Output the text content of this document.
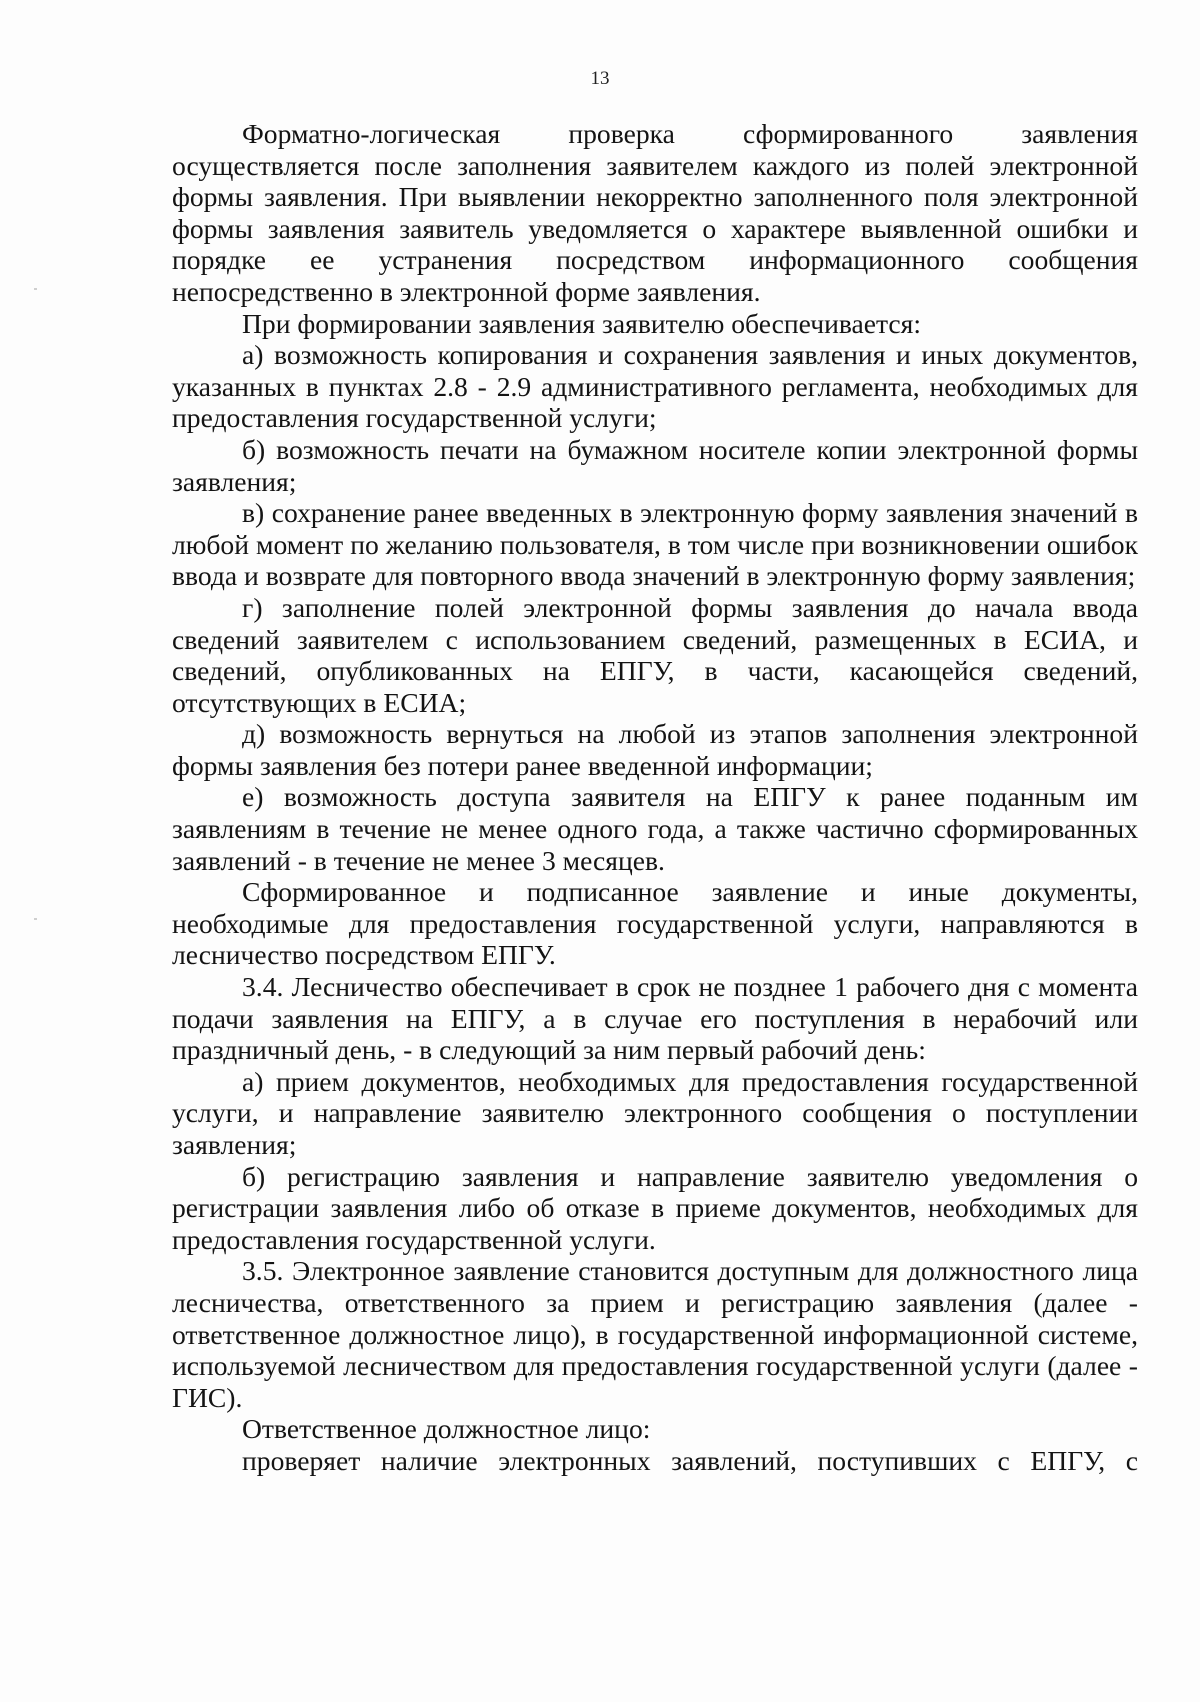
13

Форматно-логическая проверка сформированного заявления осуществляется после заполнения заявителем каждого из полей электронной формы заявления. При выявлении некорректно заполненного поля электронной формы заявления заявитель уведомляется о характере выявленной ошибки и порядке ее устранения посредством информационного сообщения непосредственно в электронной форме заявления.

При формировании заявления заявителю обеспечивается:

а) возможность копирования и сохранения заявления и иных документов, указанных в пунктах 2.8 - 2.9 административного регламента, необходимых для предоставления государственной услуги;

б) возможность печати на бумажном носителе копии электронной формы заявления;

в) сохранение ранее введенных в электронную форму заявления значений в любой момент по желанию пользователя, в том числе при возникновении ошибок ввода и возврате для повторного ввода значений в электронную форму заявления;

г) заполнение полей электронной формы заявления до начала ввода сведений заявителем с использованием сведений, размещенных в ЕСИА, и сведений, опубликованных на ЕПГУ, в части, касающейся сведений, отсутствующих в ЕСИА;

д) возможность вернуться на любой из этапов заполнения электронной формы заявления без потери ранее введенной информации;

е) возможность доступа заявителя на ЕПГУ к ранее поданным им заявлениям в течение не менее одного года, а также частично сформированных заявлений - в течение не менее 3 месяцев.

Сформированное и подписанное заявление и иные документы, необходимые для предоставления государственной услуги, направляются в лесничество посредством ЕПГУ.

3.4. Лесничество обеспечивает в срок не позднее 1 рабочего дня с момента подачи заявления на ЕПГУ, а в случае его поступления в нерабочий или праздничный день, - в следующий за ним первый рабочий день:

а) прием документов, необходимых для предоставления государственной услуги, и направление заявителю электронного сообщения о поступлении заявления;

б) регистрацию заявления и направление заявителю уведомления о регистрации заявления либо об отказе в приеме документов, необходимых для предоставления государственной услуги.

3.5. Электронное заявление становится доступным для должностного лица лесничества, ответственного за прием и регистрацию заявления (далее - ответственное должностное лицо), в государственной информационной системе, используемой лесничеством для предоставления государственной услуги (далее - ГИС).

Ответственное должностное лицо:

проверяет наличие электронных заявлений, поступивших с ЕПГУ, с
